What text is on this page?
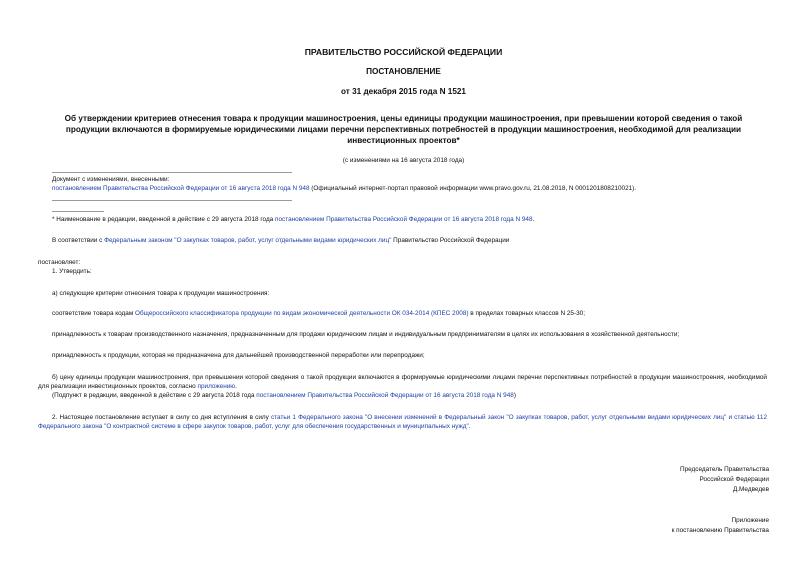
ПРАВИТЕЛЬСТВО РОССИЙСКОЙ ФЕДЕРАЦИИ
ПОСТАНОВЛЕНИЕ
от 31 декабря 2015 года N 1521
Об утверждении критериев отнесения товара к продукции машиностроения, цены единицы продукции машиностроения, при превышении которой сведения о такой продукции включаются в формируемые юридическими лицами перечни перспективных потребностей в продукции машиностроения, необходимой для реализации инвестиционных проектов*
(с изменениями на 16 августа 2018 года)
Документ с изменениями, внесенными:
постановлением Правительства Российской Федерации от 16 августа 2018 года N 948 (Официальный интернет-портал правовой информации www.pravo.gov.ru, 21.08.2018, N 0001201808210021).
* Наименование в редакции, введенной в действие с 29 августа 2018 года постановлением Правительства Российской Федерации от 16 августа 2018 года N 948.
В соответствии с Федеральным законом "О закупках товаров, работ, услуг отдельными видами юридических лиц" Правительство Российской Федерации
постановляет:
1. Утвердить:
а) следующие критерии отнесения товара к продукции машиностроения:
соответствие товара кодам Общероссийского классификатора продукции по видам экономической деятельности ОК 034-2014 (КПЕС 2008) в пределах товарных классов N 25-30;
принадлежность к товарам производственного назначения, предназначенным для продажи юридическим лицам и индивидуальным предпринимателям в целях их использования в хозяйственной деятельности;
принадлежность к продукции, которая не предназначена для дальнейшей производственной переработки или перепродажи;
б) цену единицы продукции машиностроения, при превышении которой сведения о такой продукции включаются в формируемые юридическими лицами перечни перспективных потребностей в продукции машиностроения, необходимой для реализации инвестиционных проектов, согласно приложению.
(Подпункт в редакции, введенной в действие с 29 августа 2018 года постановлением Правительства Российской Федерации от 16 августа 2018 года N 948)
2. Настоящее постановление вступает в силу со дня вступления в силу статьи 1 Федерального закона "О внесении изменений в Федеральный закон "О закупках товаров, работ, услуг отдельными видами юридических лиц" и статью 112 Федерального закона "О контрактной системе в сфере закупок товаров, работ, услуг для обеспечения государственных и муниципальных нужд".
Председатель Правительства
Российской Федерации
Д.Медведев
Приложение
к постановлению Правительства
